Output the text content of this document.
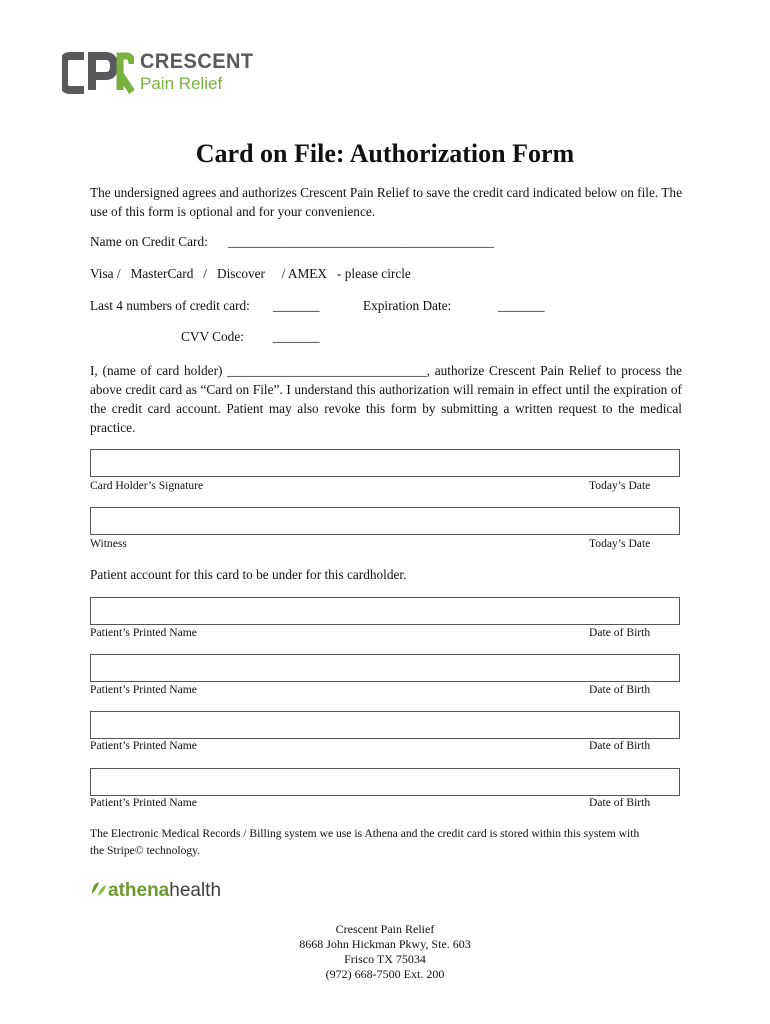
CRESCENT
Pain Relief
Card on File: Authorization Form
The undersigned agrees and authorizes Crescent Pain Relief to save the credit card indicated below on file. The use of this form is optional and for your convenience.
Name on Credit Card: ________________________________________
Visa /   MasterCard   /   Discover     / AMEX   - please circle
Last 4 numbers of credit card: _______	Expiration Date:	_______
CVV Code: _______
I, (name of card holder) ______________________________, authorize Crescent Pain Relief to process the above credit card as “Card on File”. I understand this authorization will remain in effect until the expiration of the credit card account. Patient may also revoke this form by submitting a written request to the medical practice.
Card Holder’s Signature	Today’s Date
Witness	Today’s Date
Patient account for this card to be under for this cardholder.
Patient’s Printed Name	Date of Birth
Patient’s Printed Name	Date of Birth
Patient’s Printed Name	Date of Birth
Patient’s Printed Name	Date of Birth
The Electronic Medical Records / Billing system we use is Athena and the credit card is stored within this system with the Stripe© technology.
athenahealth
Crescent Pain Relief
8668 John Hickman Pkwy, Ste. 603
Frisco TX 75034
(972) 668-7500 Ext. 200
